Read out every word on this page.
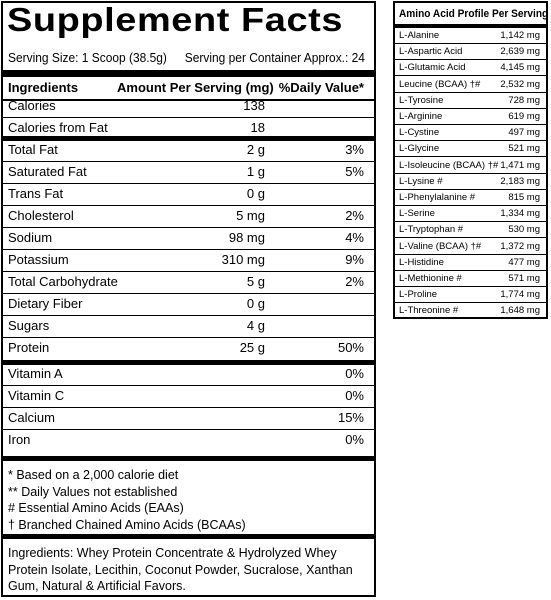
Supplement Facts
Serving Size: 1 Scoop (38.5g) Serving per Container Approx.: 24
Ingredients	Amount Per Serving (mg) %Daily Value*
Calories	138
Calories from Fat	18
Total Fat	2 g	3%
Saturated Fat	1 g	5%
Trans Fat	0 g
Cholesterol	5 mg	2%
Sodium	98 mg	4%
Potassium	310 mg	9%
Total Carbohydrate	5 g	2%
Dietary Fiber	0 g
Sugars	4 g
Protein	25 g	50%
Vitamin A	0%
Vitamin C	0%
Calcium	15%
Iron	0%
* Based on a 2,000 calorie diet
** Daily Values not established
# Essential Amino Acids (EAAs)
† Branched Chained Amino Acids (BCAAs)
Ingredients: Whey Protein Concentrate & Hydrolyzed Whey Protein Isolate, Lecithin, Coconut Powder, Sucralose, Xanthan Gum, Natural & Artificial Favors.
Amino Acid Profile Per Serving
L-Alanine	1,142 mg
L-Aspartic Acid	2,639 mg
L-Glutamic Acid	4,145 mg
Leucine (BCAA) †# 2,532 mg
L-Tyrosine	728 mg
L-Arginine	619 mg
L-Cystine	497 mg
L-Glycine	521 mg
L-Isoleucine (BCAA) †# 1,471 mg
L-Lysine #	2,183 mg
L-Phenylalanine #	815 mg
L-Serine	1,334 mg
L-Tryptophan #	530 mg
L-Valine (BCAA) †# 1,372 mg
L-Histidine	477 mg
L-Methionine #	571 mg
L-Proline	1,774 mg
L-Threonine #	1,648 mg
